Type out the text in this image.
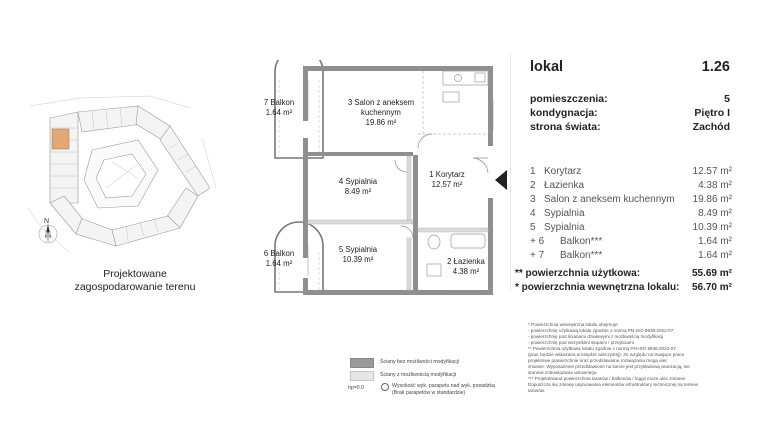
N
Projektowane
zagospodarowanie terenu
7 Balkon
1.64 m²
3 Salon z aneksem
kuchennym
19.86 m²
4 Sypialnia
8.49 m²
1 Korytarz
12.57 m²
6 Balkon
1.64 m²
5 Sypialnia
10.39 m²	2 Łazienka
4.38 m²
Ściany bez możliwości modyfikacji
Ściany z możliwością modyfikacji
hp=0.0	Wysokość wyk. parapetu nad wyk. posadzką
(Brak parapetów w standardzie)
lokal	1.26
pomieszczenia:	5
kondygnacja:	Piętro I
strona świata:	Zachód
1 Korytarz	12.57 m²
2 Łazienka	4.38 m²
3 Salon z aneksem kuchennym 19.86 m²
4 Sypialnia	8.49 m²
5 Sypialnia	10.39 m²
+ 6 Balkon***	1.64 m²
+ 7 Balkon***	1.64 m²
** powierzchnia użytkowa:	55.69 m²
* powierzchnia wewnętrzna lokalu: 56.70 m²
* Powierzchnia wewnętrzna lokalu obejmuje:
- powierzchnię użytkową lokalu zgodnie z normą PN-ISO 9836:2022-07;
- powierzchnię pod ścianami działowymi z możliwością modyfikacji
- powierzchnię pod wszystkimi słupami / przejściami.
** Powierzchnia użytkowa lokalu zgodnie z normą PN-ISO 9836:2022-07.
(pow. będzie wskazana w księdze wieczystej). Ze względu na trwające prace
projektowe powierzchnie oraz przedstawione rozwiązania mogą ulec
zmianie. Wyposażenie przedstawione na karcie jest przykładową aranżacją, nie
stanowi zobowiązania umownego.
*** Projektowana powierzchnia tarasów / balkonów / loggii może ulec zmianie.
Dopuszcza się zmianę usytuowania elementów infrastruktury technicznej na terenie
tarasów.
